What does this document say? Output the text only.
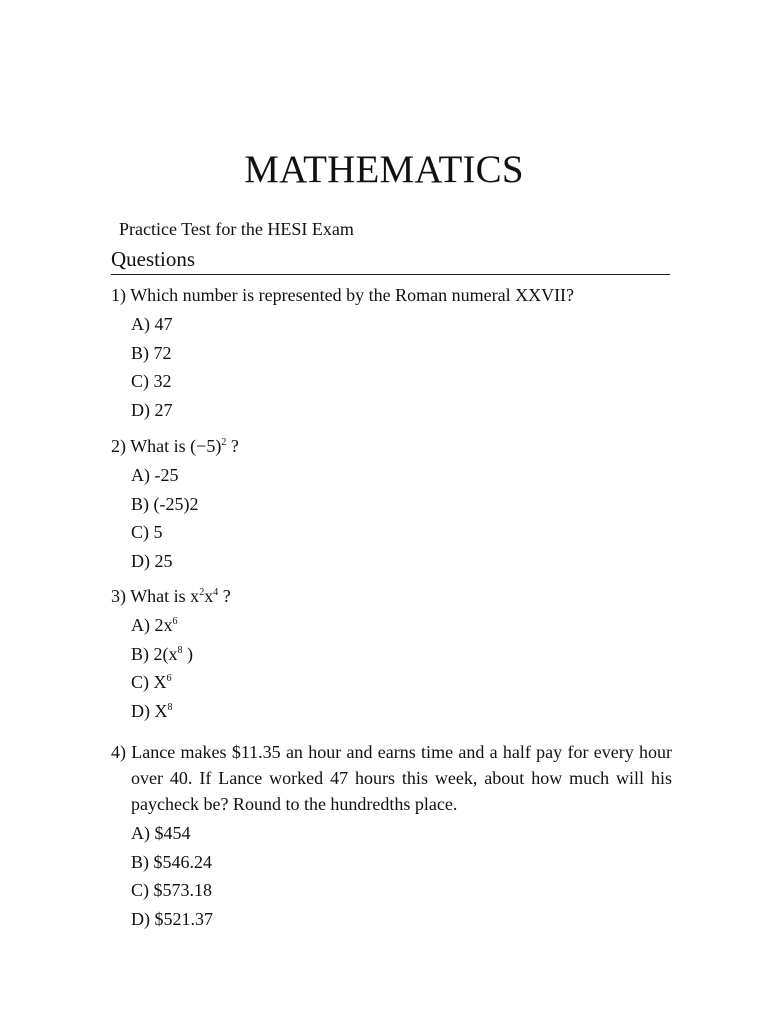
MATHEMATICS
Practice Test for the HESI Exam
Questions

1) Which number is represented by the Roman numeral XXVII?

A) 47
B) 72
C) 32
D) 27

2) What is $(-5)^2$ ?

A) -25
B) (-25)2
C) 5
D) 25

3) What is $x^2x^4$ ?

A) $2x^6$
B) $2(x^8$ )
C) $X^6$
D) $X^8$

4) Lance makes $11.35 an hour and earns time and a half pay for every hour over 40. If Lance worked 47 hours this week, about how much will his paycheck be? Round to the hundredths place.

A) $454
B) $546.24
C) $573.18
D) $521.37
